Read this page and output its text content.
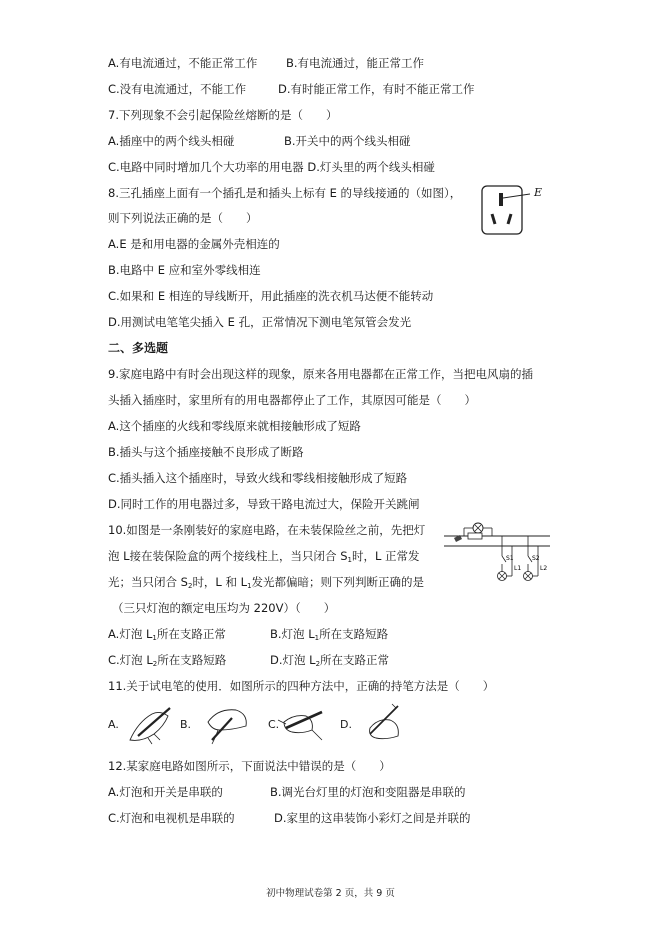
A.有电流通过，不能正常工作 B.有电流通过，能正常工作
C.没有电流通过，不能工作	D.有时能正常工作，有时不能正常工作
7.下列现象不会引起保险丝熔断的是（　　）
A.插座中的两个线头相碰	B.开关中的两个线头相碰
C.电路中同时增加几个大功率的用电器 D.灯头里的两个线头相碰
8.三孔插座上面有一个插孔是和插头上标有 E 的导线接通的（如图），
则下列说法正确的是（　　）
E
A.E 是和用电器的金属外壳相连的
B.电路中 E 应和室外零线相连
C.如果和 E 相连的导线断开，用此插座的洗衣机马达便不能转动
D.用测试电笔笔尖插入 E 孔，正常情况下测电笔氖管会发光
二、多选题
9.家庭电路中有时会出现这样的现象，原来各用电器都在正常工作，当把电风扇的插
头插入插座时，家里所有的用电器都停止了工作，其原因可能是（　　）
A.这个插座的火线和零线原来就相接触形成了短路
B.插头与这个插座接触不良形成了断路
C.插头插入这个插座时，导致火线和零线相接触形成了短路
D.同时工作的用电器过多，导致干路电流过大，保险开关跳闸
10.如图是一条刚装好的家庭电路，在未装保险丝之前，先把灯
泡 L接在装保险盒的两个接线柱上，当只闭合 $S_1$时，L 正常发
光；当只闭合 $S_2$时，L 和 $L_1$发光都偏暗；则下列判断正确的是
（三只灯泡的额定电压均为 220V）（　　）
S1
L1
S2
L2
A.灯泡 $L_1$所在支路正常	B.灯泡 $L_1$所在支路短路
C.灯泡 $L_2$所在支路短路	D.灯泡 $L_2$所在支路正常
11.关于试电笔的使用．如图所示的四种方法中，正确的持笔方法是（　　）
A.	B.	C.	D.
12.某家庭电路如图所示，下面说法中错误的是（　　）
A.灯泡和开关是串联的	B.调光台灯里的灯泡和变阻器是串联的
C.灯泡和电视机是串联的	D.家里的这串装饰小彩灯之间是并联的
初中物理试卷第 2 页，共 9 页
